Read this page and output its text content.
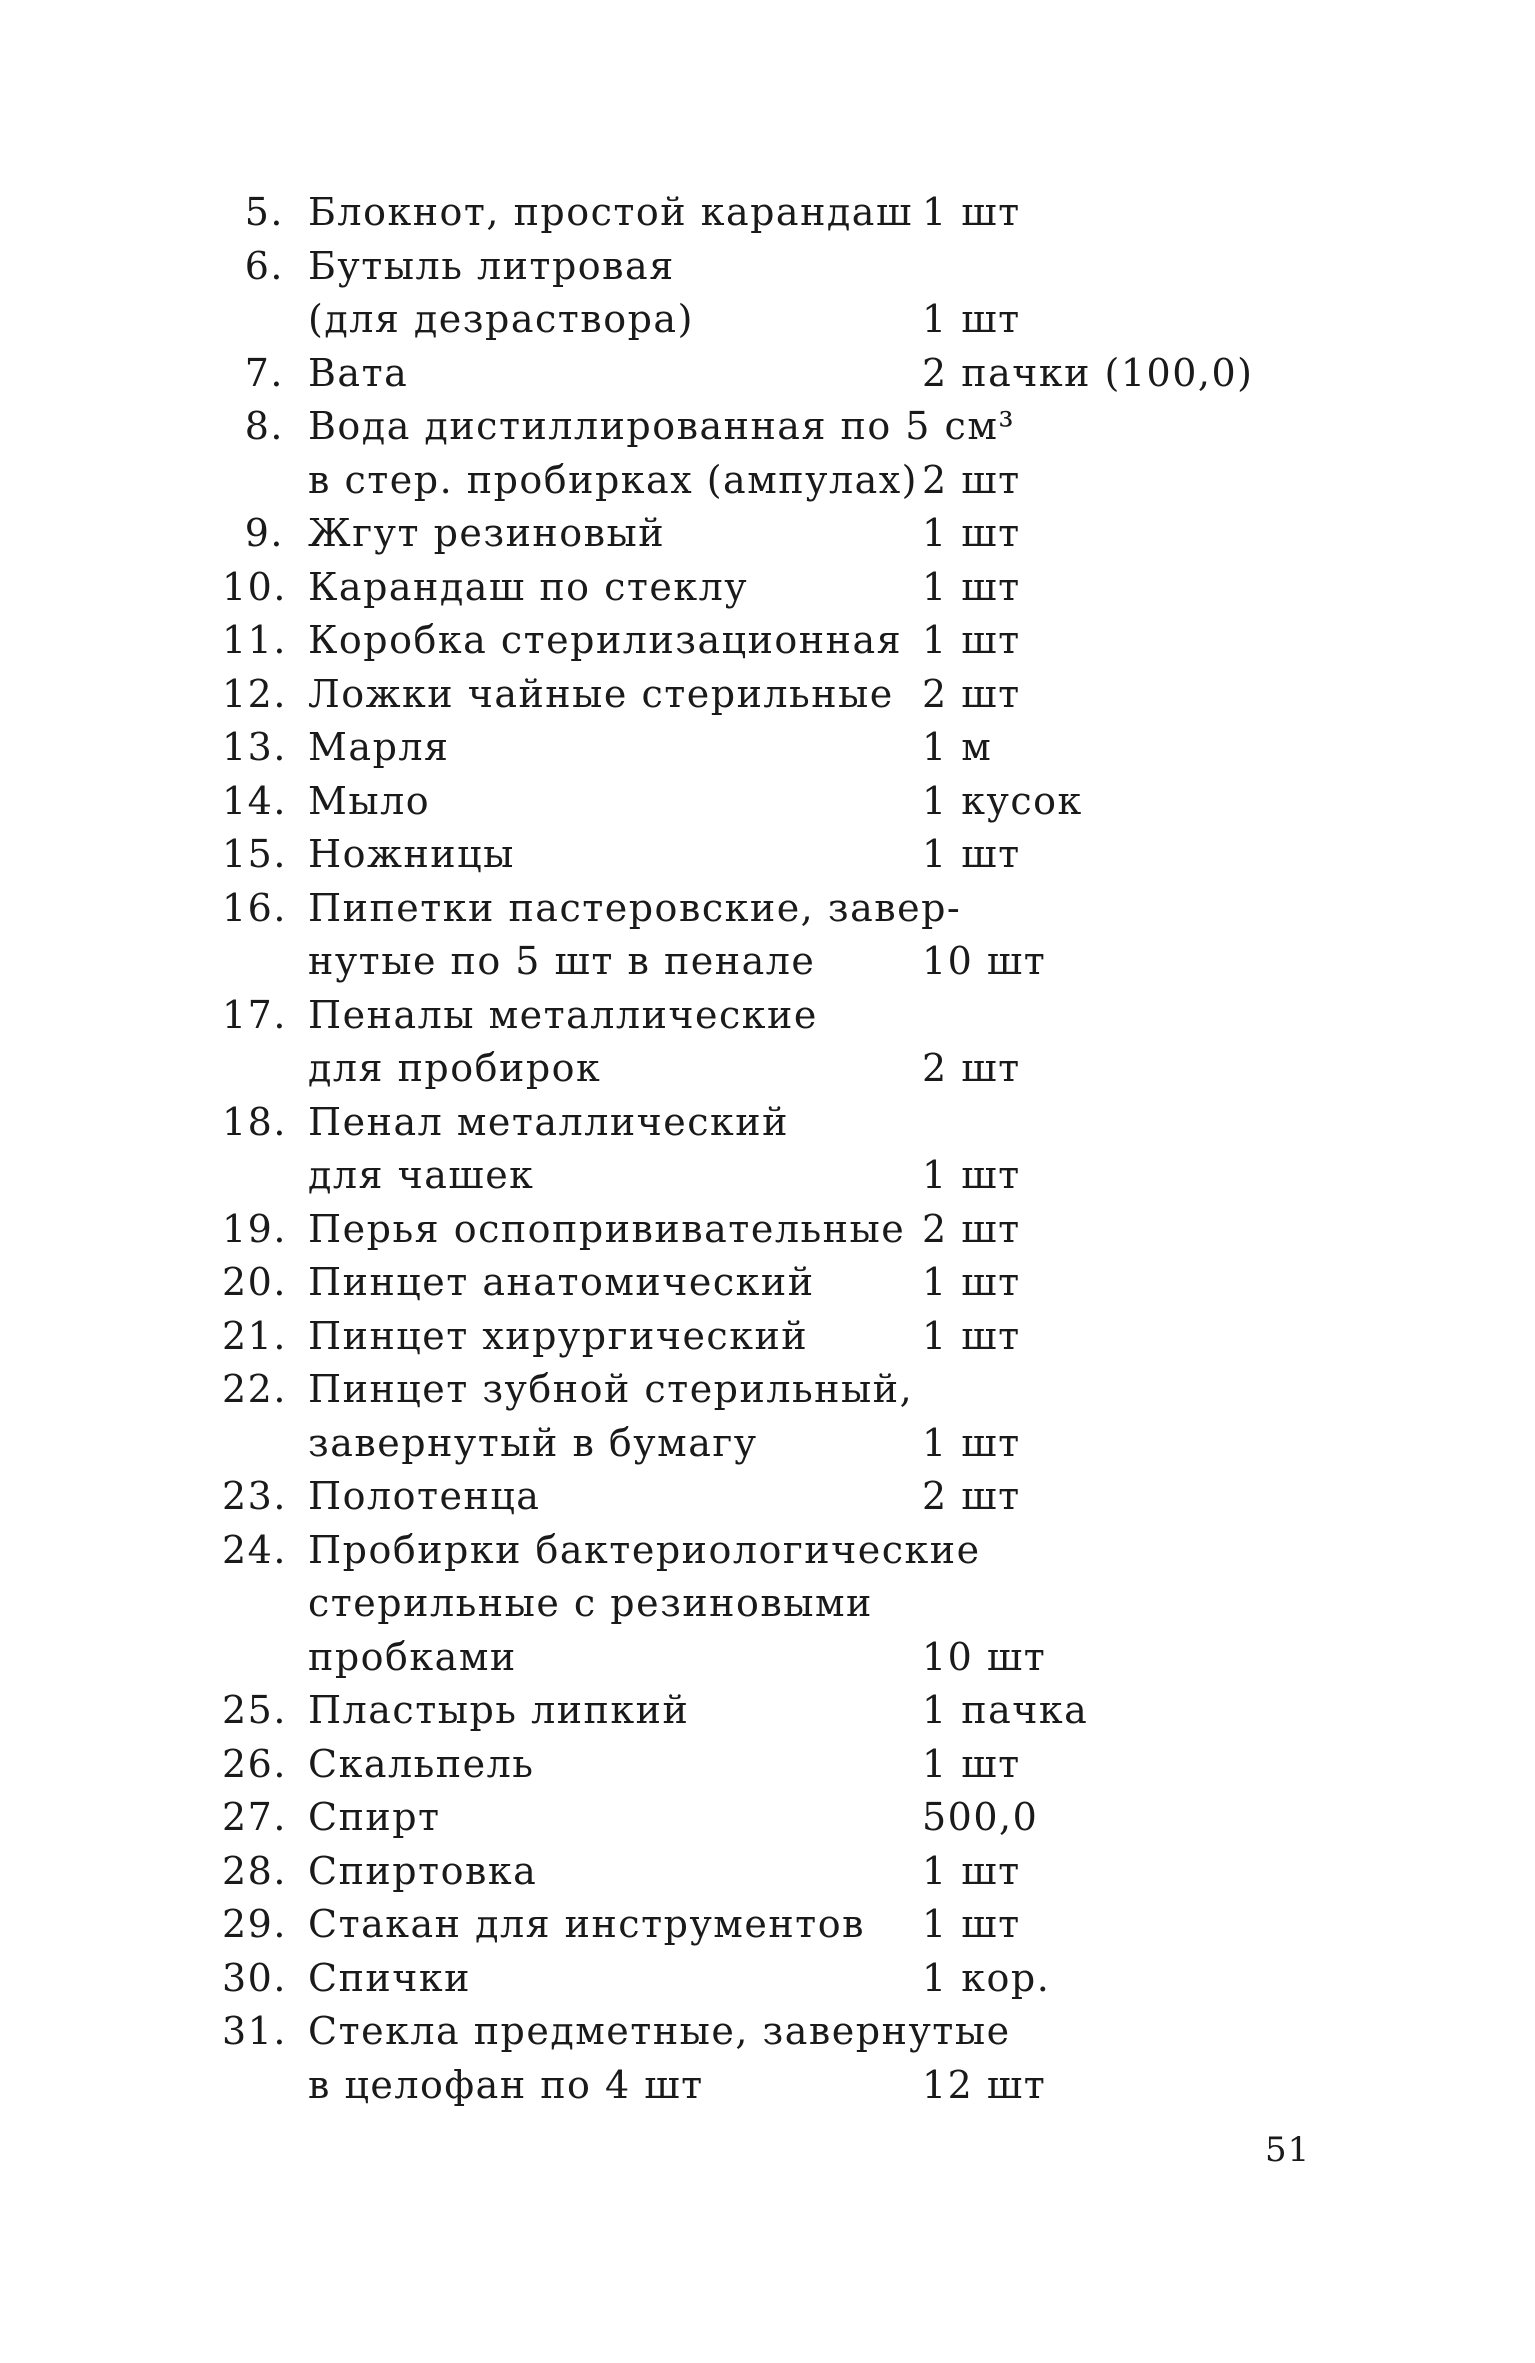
5. Блокнот, простой карандаш 1 шт
6. Бутыль литровая
(для дезраствора)	1 шт
7. Вата	2 пачки (100,0)
8. Вода дистиллированная по 5 см³
в стер. пробирках (ампулах) 2 шт
9. Жгут резиновый	1 шт
10. Карандаш по стеклу	1 шт
11. Коробка стерилизационная 1 шт
12. Ложки чайные стерильные 2 шт
13. Марля	1 м
14. Мыло	1 кусок
15. Ножницы	1 шт
16. Пипетки пастеровские, завер-
нутые по 5 шт в пенале	10 шт
17. Пеналы металлические
для пробирок	2 шт
18. Пенал металлический
для чашек	1 шт
19. Перья оспопрививательные 2 шт
20. Пинцет анатомический	1 шт
21. Пинцет хирургический	1 шт
22. Пинцет зубной стерильный,
завернутый в бумагу	1 шт
23. Полотенца	2 шт
24. Пробирки бактериологические
стерильные с резиновыми
пробками	10 шт
25. Пластырь липкий	1 пачка
26. Скальпель	1 шт
27. Спирт	500,0
28. Спиртовка	1 шт
29. Стакан для инструментов 1 шт
30. Спички	1 кор.
31. Стекла предметные, завернутые
в целофан по 4 шт	12 шт
51
